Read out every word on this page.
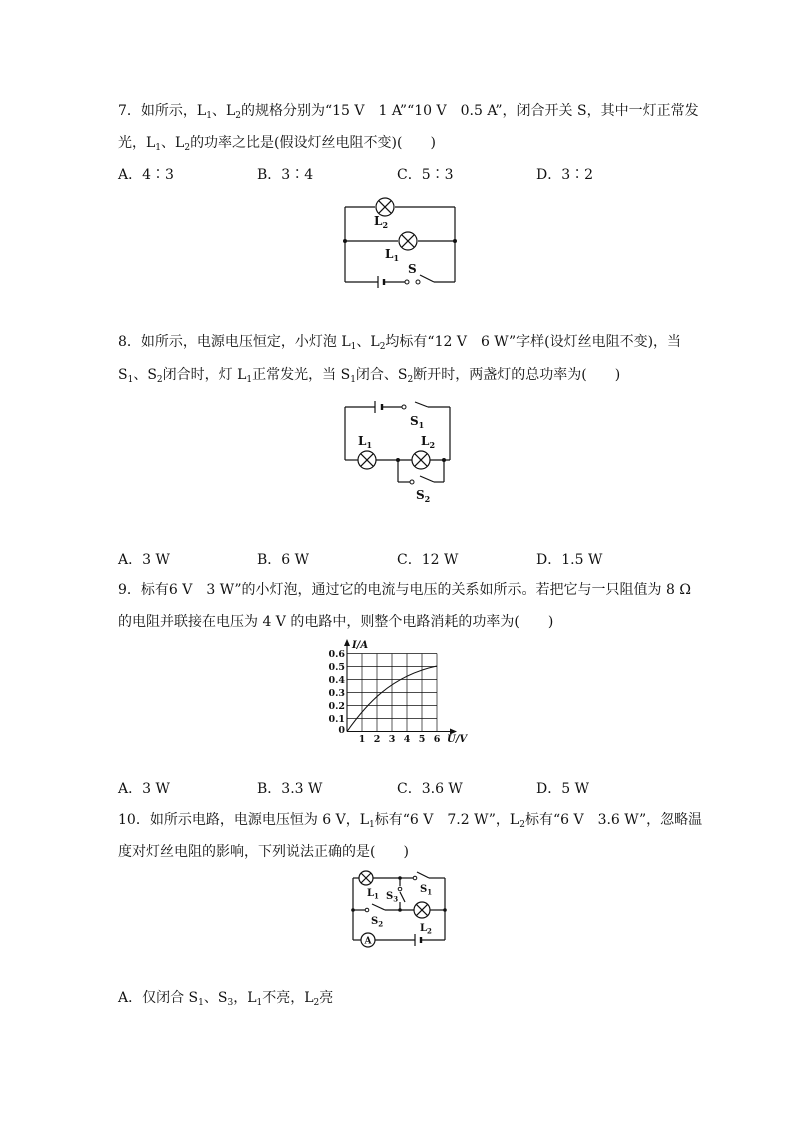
7．如所示，$L_1$、$L_2$的规格分别为“15 V　1 A”“10 V　0.5 A”，闭合开关 S，其中一灯正常发
光，$L_1$、$L_2$的功率之比是(假设灯丝电阻不变)(　　)
A．4∶3	B．3∶4	C．5∶3	D．3∶2
$L_2$
$L_1$
S
8．如所示，电源电压恒定，小灯泡 $L_1$、$L_2$均标有“12 V　6 W”字样(设灯丝电阻不变)，当
$S_1$、$S_2$闭合时，灯 $L_1$正常发光，当 $S_1$闭合、$S_2$断开时，两盏灯的总功率为(　　)
$S_1$
$L_1$	$L_2$
$S_2$
A．3 W	B．6 W	C．12 W	D．1.5 W
9．标有6 V　3 W”的小灯泡，通过它的电流与电压的关系如所示。若把它与一只阻值为 8 Ω
的电阻并联接在电压为 4 V 的电路中，则整个电路消耗的功率为(　　)
0.6
0.5
0.4
0.3
0.2
0.1
0
1 2 3 4 5 6
I/A
U/V
A．3 W	B．3.3 W	C．3.6 W	D．5 W
10．如所示电路，电源电压恒为 6 V，$L_1$标有“6 V　7.2 W”，$L_2$标有“6 V　3.6 W”，忽略温
度对灯丝电阻的影响，下列说法正确的是(　　)
A
$L_1$ $S_3$
$S_1$
$S_2$	$L_2$
A．仅闭合 $S_1$、$S_3$，$L_1$不亮，$L_2$亮
